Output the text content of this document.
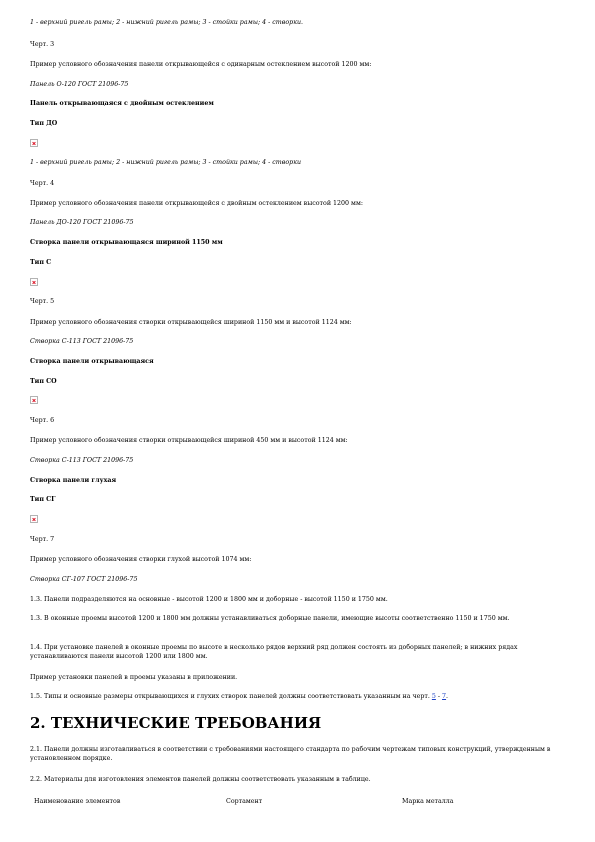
1 - верхний ригель рамы; 2 - нижний ригель рамы; 3 - стойки рамы; 4 - створки.

Черт. 3

Пример условного обозначения панели открывающейся с одинарным остеклением высотой 1200 мм:

Панель О-120 ГОСТ 21096-75

Панель открывающаяся с двойным остеклением

Тип ДО

1 - верхний ригель рамы; 2 - нижний ригель рамы; 3 - стойки рамы; 4 - створки

Черт. 4

Пример условного обозначения панели открывающейся с двойным остеклением высотой 1200 мм:

Панель ДО-120 ГОСТ 21096-75

Створка панели открывающаяся шириной 1150 мм

Тип С

Черт. 5

Пример условного обозначения створки открывающейся шириной 1150 мм и высотой 1124 мм:

Створка С-113 ГОСТ 21096-75

Створка панели открывающаяся

Тип СО

Черт. 6

Пример условного обозначения створки открывающейся шириной 450 мм и высотой 1124 мм:

Створка С-113 ГОСТ 21096-75

Створка панели глухая

Тип СГ

Черт. 7

Пример условного обозначения створки глухой высотой 1074 мм:

Створка СГ-107 ГОСТ 21096-75

1.3. Панели подразделяются на основные - высотой 1200 и 1800 мм и доборные - высотой 1150 и 1750 мм.

1.3. В оконные проемы высотой 1200 и 1800 мм должны устанавливаться доборные панели, имеющие высоты соответственно 1150 и 1750 мм.

1.4. При установке панелей в оконные проемы по высоте в несколько рядов верхний ряд должен состоять из доборных панелей; в нижних рядах устанавливаются панели высотой 1200 или 1800 мм.

Пример установки панелей в проемы указаны в приложении.

1.5. Типы и основные размеры открывающихся и глухих створок панелей должны соответствовать указанным на черт. 5 - 7.

2. ТЕХНИЧЕСКИЕ ТРЕБОВАНИЯ

2.1. Панели должны изготавливаться в соответствии с требованиями настоящего стандарта по рабочим чертежам типовых конструкций, утвержденным в установленном порядке.

2.2. Материалы для изготовления элементов панелей должны соответствовать указанным в таблице.

Наименование элементов	Сортамент	Марка металла
